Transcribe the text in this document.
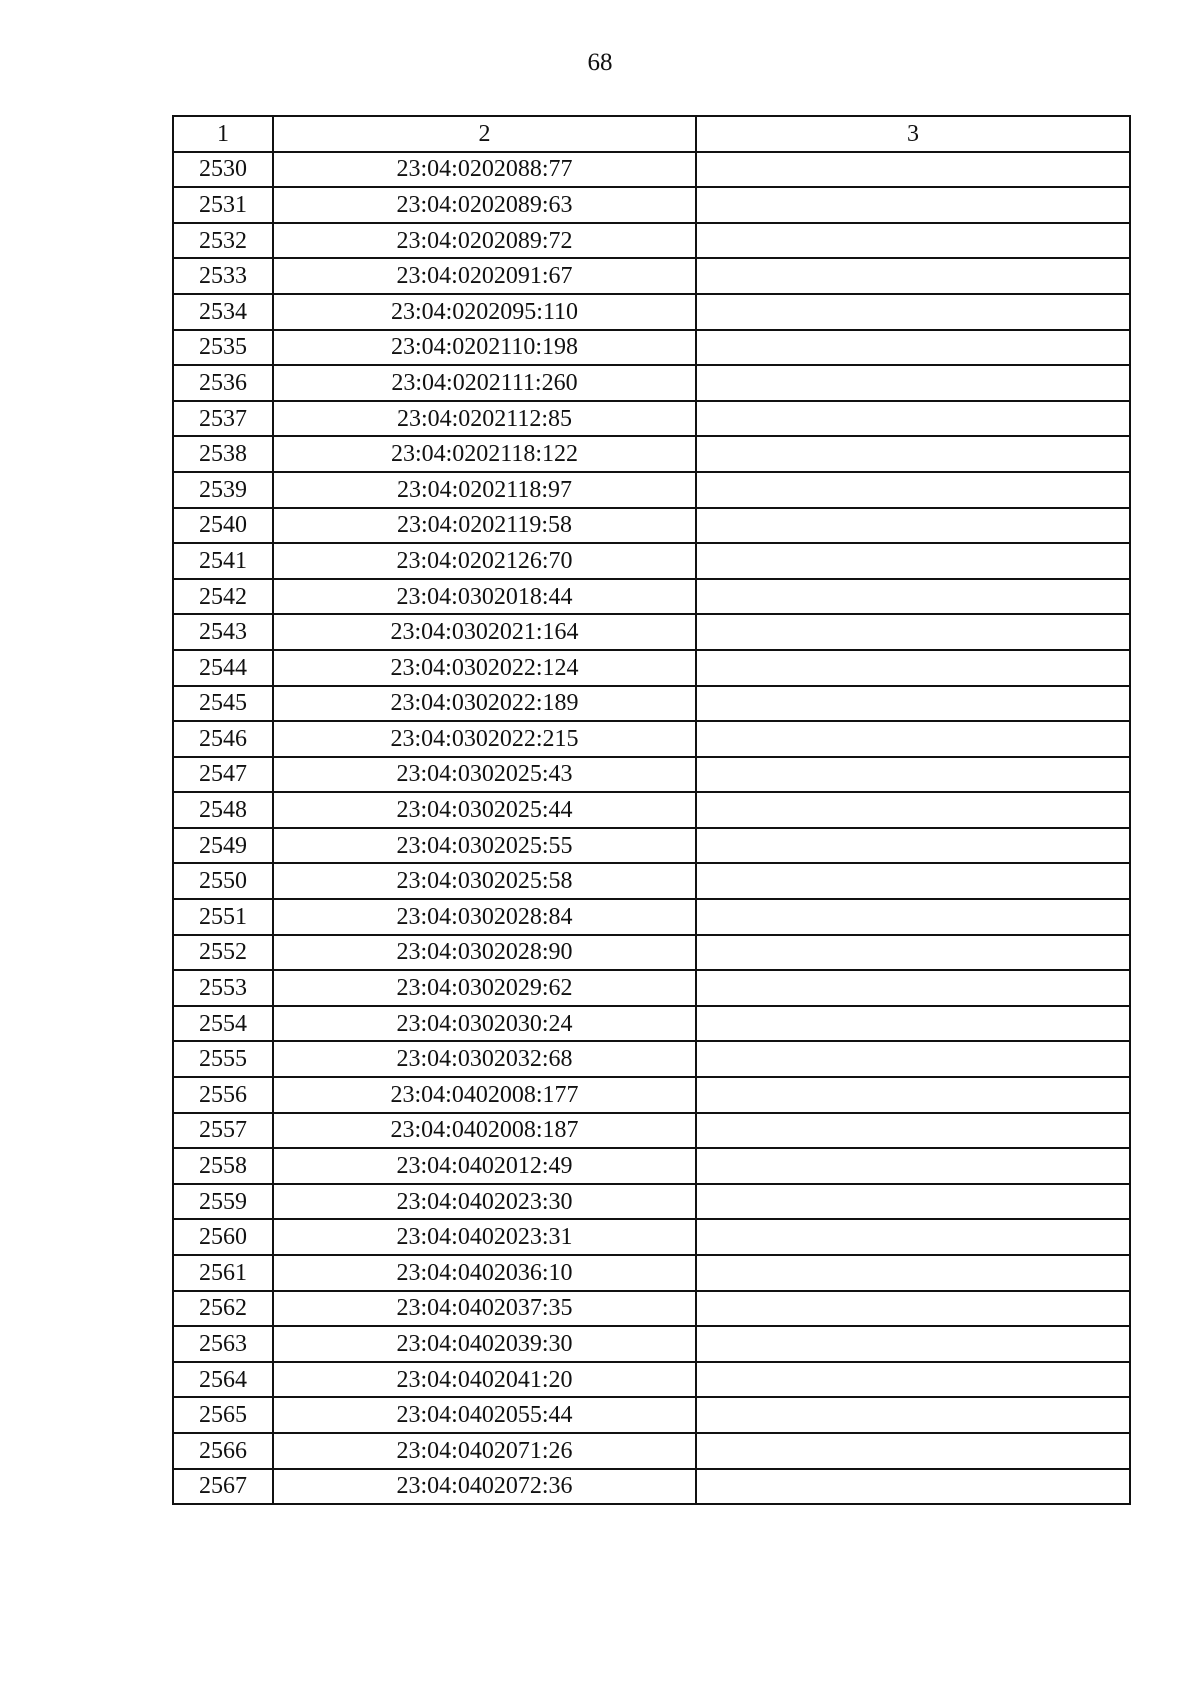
68
1	2	3
2530	23:04:0202088:77	
2531	23:04:0202089:63	
2532	23:04:0202089:72	
2533	23:04:0202091:67	
2534	23:04:0202095:110	
2535	23:04:0202110:198	
2536	23:04:0202111:260	
2537	23:04:0202112:85	
2538	23:04:0202118:122	
2539	23:04:0202118:97	
2540	23:04:0202119:58	
2541	23:04:0202126:70	
2542	23:04:0302018:44	
2543	23:04:0302021:164	
2544	23:04:0302022:124	
2545	23:04:0302022:189	
2546	23:04:0302022:215	
2547	23:04:0302025:43	
2548	23:04:0302025:44	
2549	23:04:0302025:55	
2550	23:04:0302025:58	
2551	23:04:0302028:84	
2552	23:04:0302028:90	
2553	23:04:0302029:62	
2554	23:04:0302030:24	
2555	23:04:0302032:68	
2556	23:04:0402008:177	
2557	23:04:0402008:187	
2558	23:04:0402012:49	
2559	23:04:0402023:30	
2560	23:04:0402023:31	
2561	23:04:0402036:10	
2562	23:04:0402037:35	
2563	23:04:0402039:30	
2564	23:04:0402041:20	
2565	23:04:0402055:44	
2566	23:04:0402071:26	
2567	23:04:0402072:36	
